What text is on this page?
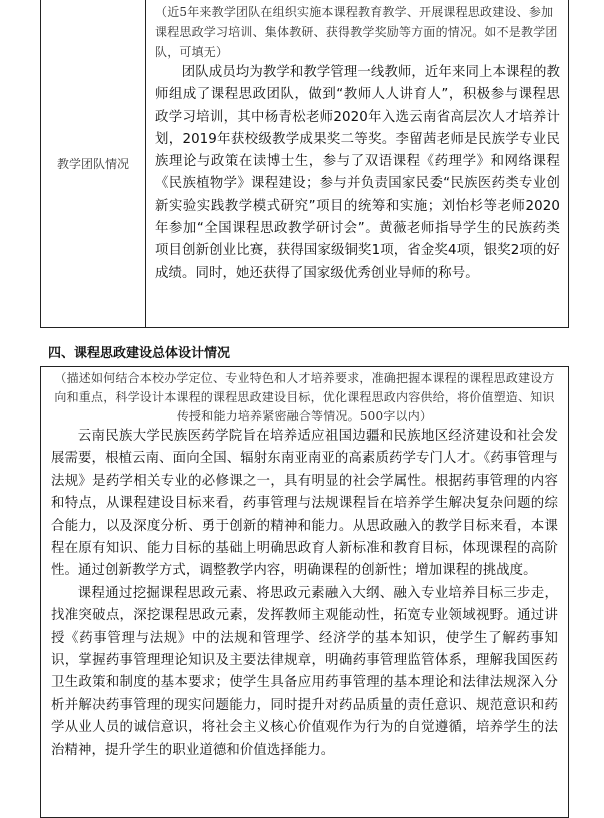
教学团队情况
（近5年来教学团队在组织实施本课程教育教学、开展课程思政建设、参加课程思政学习培训、集体教研、获得教学奖励等方面的情况。如不是教学团队，可填无）

团队成员均为教学和教学管理一线教师，近年来同上本课程的教师组成了课程思政团队，做到“教师人人讲育人”，积极参与课程思政学习培训，其中杨青松老师2020年入选云南省高层次人才培养计划，2019年获校级教学成果奖二等奖。李留茜老师是民族学专业民族理论与政策在读博士生，参与了双语课程《药理学》和网络课程《民族植物学》课程建设；参与并负责国家民委“民族医药类专业创新实验实践教学模式研究”项目的统筹和实施；刘怡杉等老师2020年参加“全国课程思政教学研讨会”。黄薇老师指导学生的民族药类项目创新创业比赛，获得国家级铜奖1项，省金奖4项，银奖2项的好成绩。同时，她还获得了国家级优秀创业导师的称号。

四、课程思政建设总体设计情况
（描述如何结合本校办学定位、专业特色和人才培养要求，准确把握本课程的课程思政建设方向和重点，科学设计本课程的课程思政建设目标，优化课程思政内容供给，将价值塑造、知识传授和能力培养紧密融合等情况。500字以内）

云南民族大学民族医药学院旨在培养适应祖国边疆和民族地区经济建设和社会发展需要，根植云南、面向全国、辐射东南亚南亚的高素质药学专门人才。《药事管理与法规》是药学相关专业的必修课之一，具有明显的社会学属性。根据药事管理的内容和特点，从课程建设目标来看，药事管理与法规课程旨在培养学生解决复杂问题的综合能力，以及深度分析、勇于创新的精神和能力。从思政融入的教学目标来看，本课程在原有知识、能力目标的基础上明确思政育人新标准和教育目标，体现课程的高阶性。通过创新教学方式，调整教学内容，明确课程的创新性；增加课程的挑战度。

课程通过挖掘课程思政元素、将思政元素融入大纲、融入专业培养目标三步走，找准突破点，深挖课程思政元素，发挥教师主观能动性，拓宽专业领域视野。通过讲授《药事管理与法规》中的法规和管理学、经济学的基本知识，使学生了解药事知识，掌握药事管理理论知识及主要法律规章，明确药事管理监管体系，理解我国医药卫生政策和制度的基本要求；使学生具备应用药事管理的基本理论和法律法规深入分析并解决药事管理的现实问题能力，同时提升对药品质量的责任意识、规范意识和药学从业人员的诚信意识，将社会主义核心价值观作为行为的自觉遵循，培养学生的法治精神，提升学生的职业道德和价值选择能力。
